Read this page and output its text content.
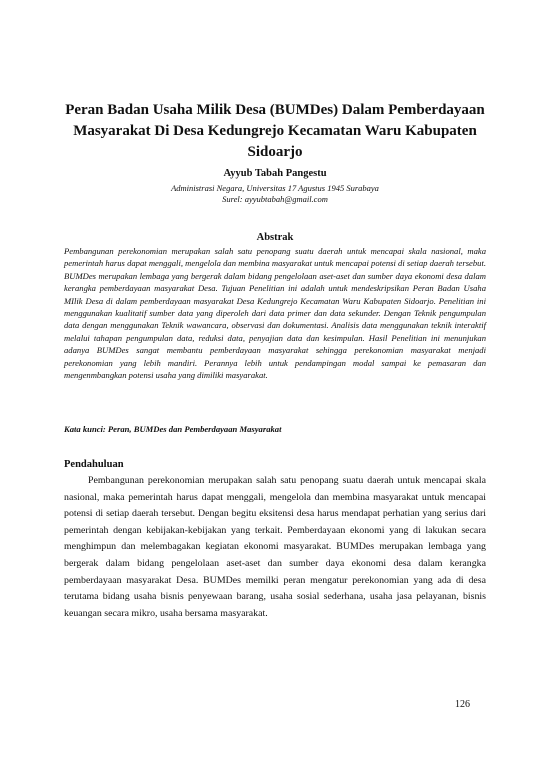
Peran Badan Usaha Milik Desa (BUMDes) Dalam Pemberdayaan Masyarakat Di Desa Kedungrejo Kecamatan Waru Kabupaten Sidoarjo
Ayyub Tabah Pangestu
Administrasi Negara, Universitas 17 Agustus 1945 Surabaya
Surel: ayyubtabah@gmail.com
Abstrak
Pembangunan perekonomian merupakan salah satu penopang suatu daerah untuk mencapai skala nasional, maka pemerintah harus dapat menggali, mengelola dan membina masyarakat untuk mencapai potensi di setiap daerah tersebut. BUMDes merupakan lembaga yang bergerak dalam bidang pengelolaan aset-aset dan sumber daya ekonomi desa dalam kerangka pemberdayaan masyarakat Desa. Tujuan Penelitian ini adalah untuk mendeskripsikan Peran Badan Usaha MIlik Desa di dalam pemberdayaan masyarakat Desa Kedungrejo Kecamatan Waru Kabupaten Sidoarjo. Penelitian ini menggunakan kualitatif sumber data yang diperoleh dari data primer dan data sekunder. Dengan Teknik pengumpulan data dengan menggunakan Teknik wawancara, observasi dan dokumentasi. Analisis data menggunakan teknik interaktif melalui tahapan pengumpulan data, reduksi data, penyajian data dan kesimpulan. Hasil Penelitian ini menunjukan adanya BUMDes sangat membantu pemberdayaan masyarakat sehingga perekonomian masyarakat menjadi perekonomian yang lebih mandiri. Perannya lebih untuk pendampingan modal sampai ke pemasaran dan mengenmbangkan potensi usaha yang dimiliki masyarakat.
Kata kunci: Peran, BUMDes dan Pemberdayaan Masyarakat
Pendahuluan
Pembangunan perekonomian merupakan salah satu penopang suatu daerah untuk mencapai skala nasional, maka pemerintah harus dapat menggali, mengelola dan membina masyarakat untuk mencapai potensi di setiap daerah tersebut. Dengan begitu eksitensi desa harus mendapat perhatian yang serius dari pemerintah dengan kebijakan-kebijakan yang terkait. Pemberdayaan ekonomi yang di lakukan secara menghimpun dan melembagakan kegiatan ekonomi masyarakat. BUMDes merupakan lembaga yang bergerak dalam bidang pengelolaan aset-aset dan sumber daya ekonomi desa dalam kerangka pemberdayaan masyarakat Desa. BUMDes memilki peran mengatur perekonomian yang ada di desa terutama bidang usaha bisnis penyewaan barang, usaha sosial sederhana, usaha jasa pelayanan, bisnis keuangan secara mikro, usaha bersama masyarakat.
126
